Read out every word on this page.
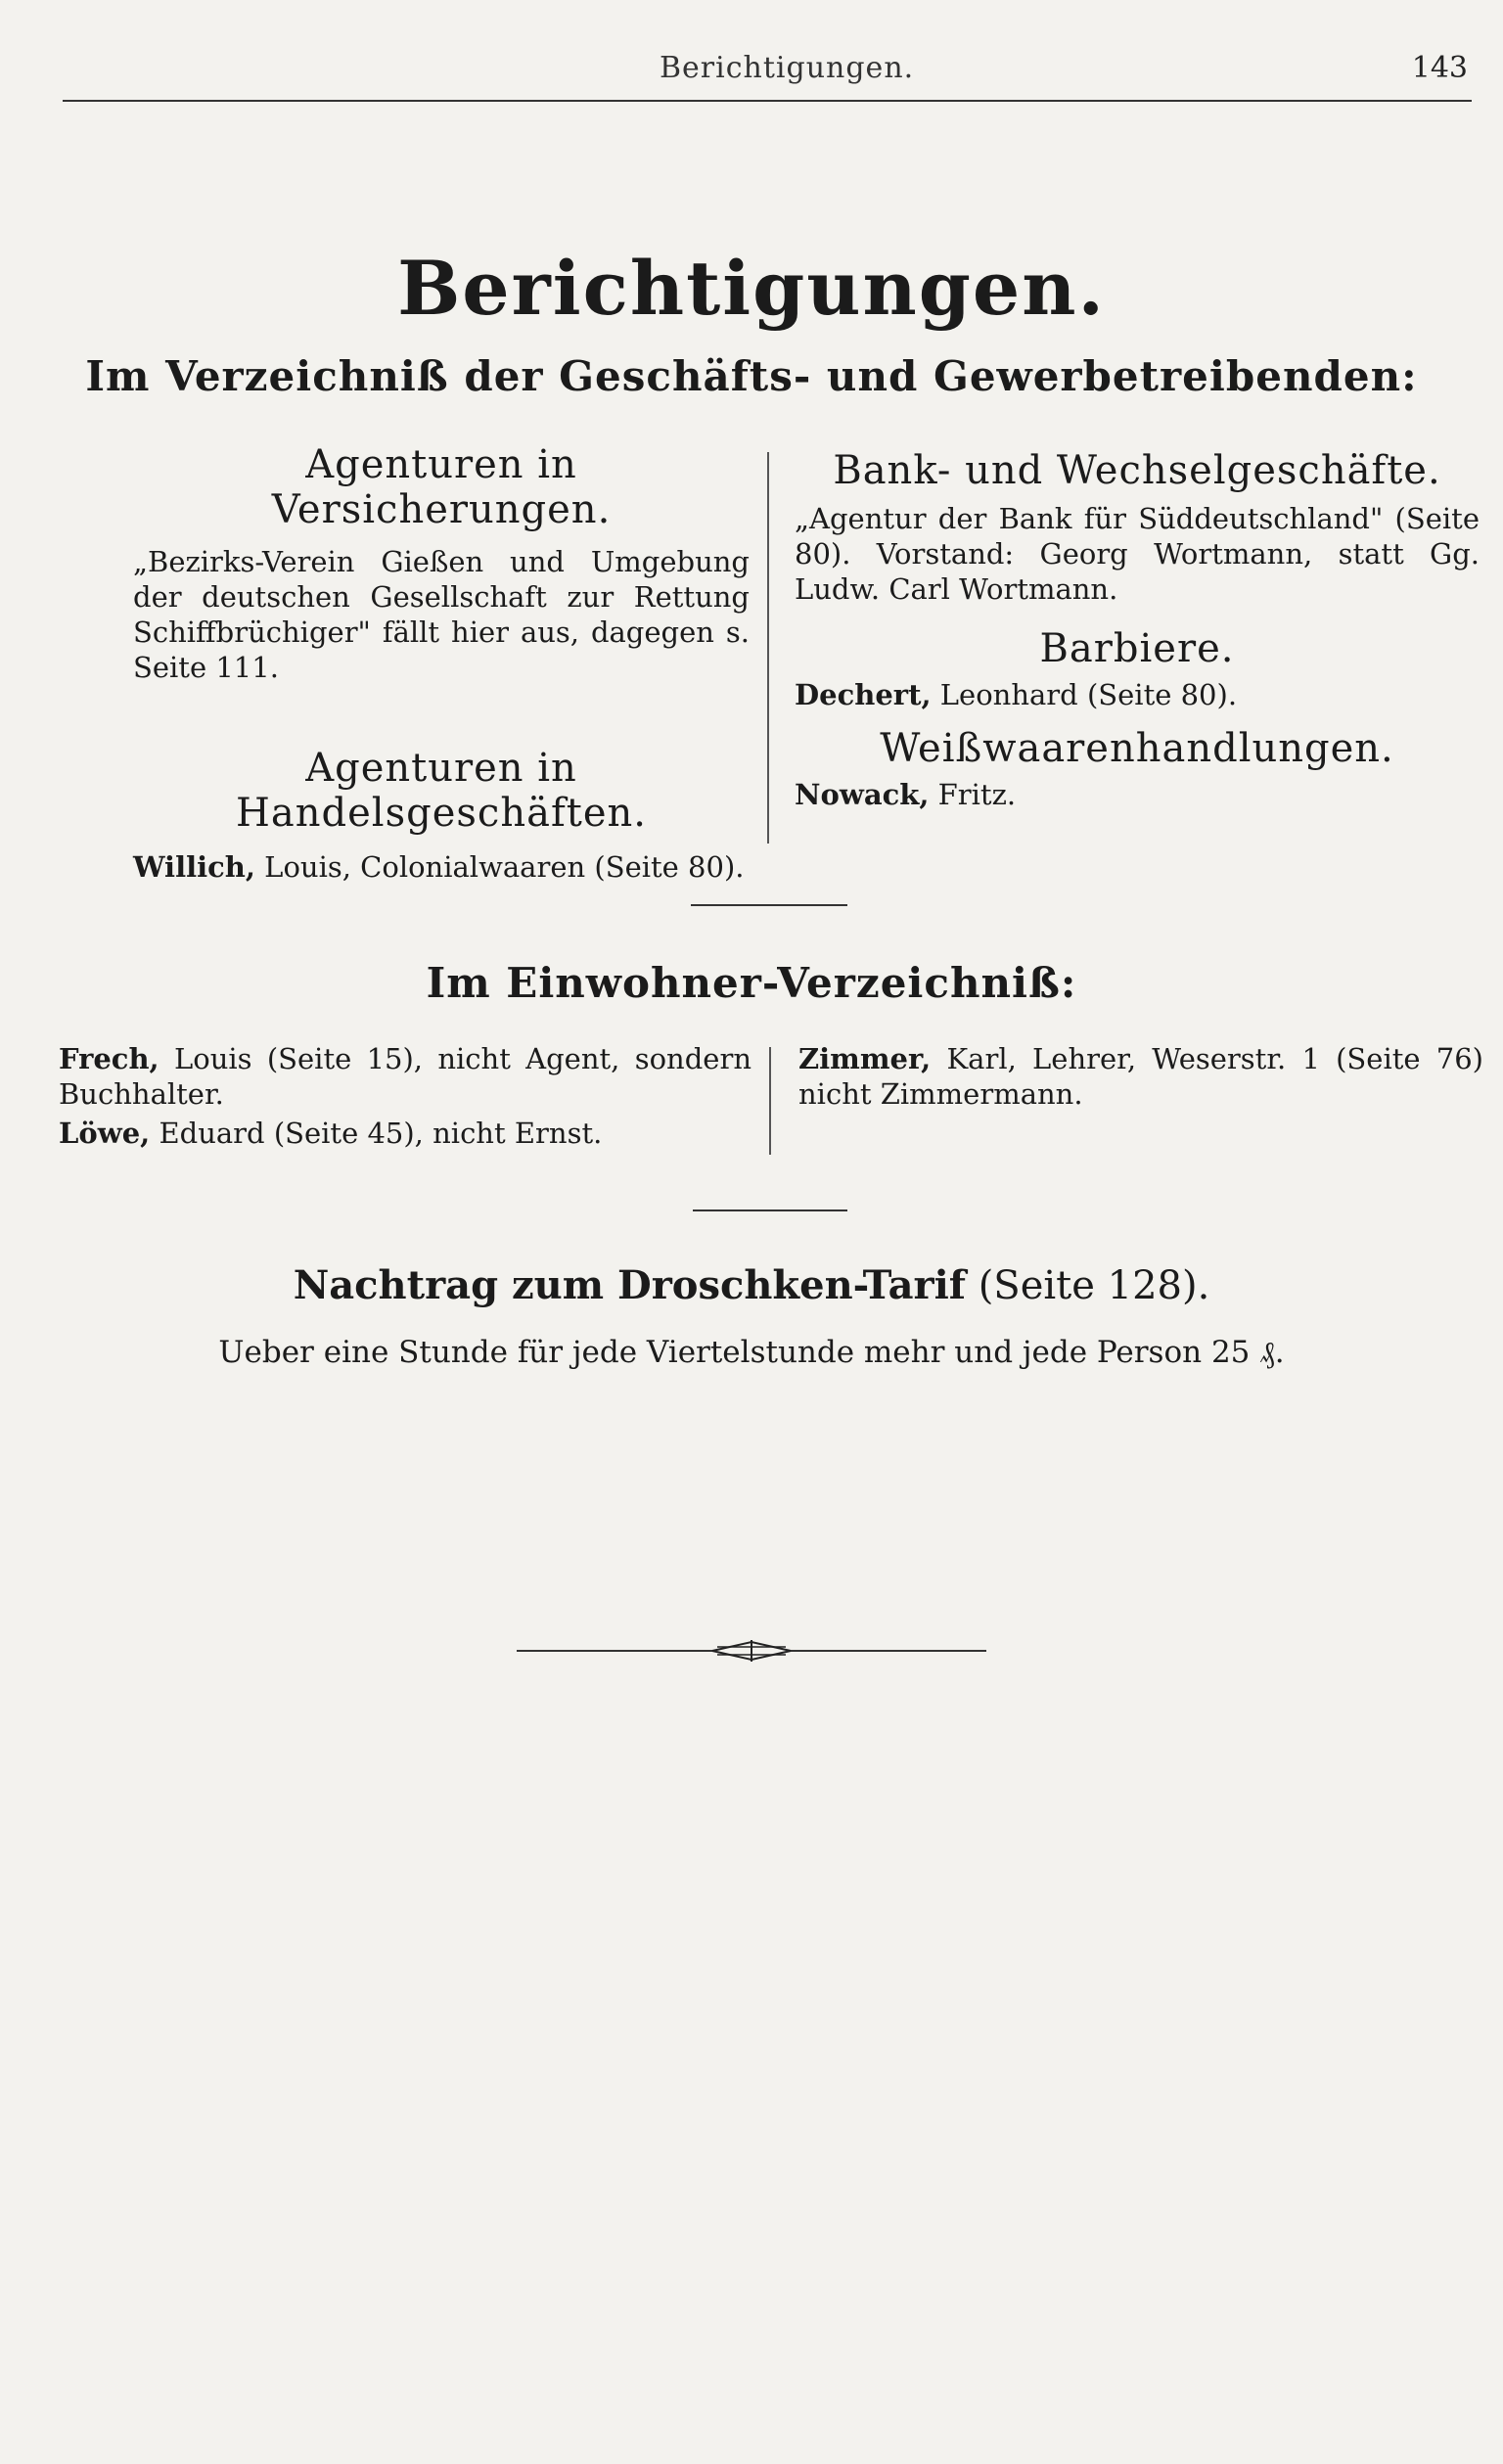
Berichtigungen.	143
Berichtigungen.
Im Verzeichniß der Geschäfts- und Gewerbetreibenden:

Agenturen in Versicherungen.

„Bezirks-Verein Gießen und Umgebung der deutschen Gesellschaft zur Rettung Schiffbrüchiger" fällt hier aus, dagegen s. Seite 111.

Agenturen in Handelsgeschäften.

Willich, Louis, Colonialwaaren (Seite 80).

Bank- und Wechselgeschäfte.

„Agentur der Bank für Süddeutschland" (Seite 80). Vorstand: Georg Wortmann, statt Gg. Ludw. Carl Wortmann.

Barbiere.

Dechert, Leonhard (Seite 80).

Weißwaarenhandlungen.

Nowack, Fritz.

Im Einwohner-Verzeichniß:

Frech, Louis (Seite 15), nicht Agent, sondern Buchhalter.

Löwe, Eduard (Seite 45), nicht Ernst.

Zimmer, Karl, Lehrer, Weserstr. 1 (Seite 76) nicht Zimmermann.

Nachtrag zum Droschken-Tarif (Seite 128).
Ueber eine Stunde für jede Viertelstunde mehr und jede Person 25 ₰.
